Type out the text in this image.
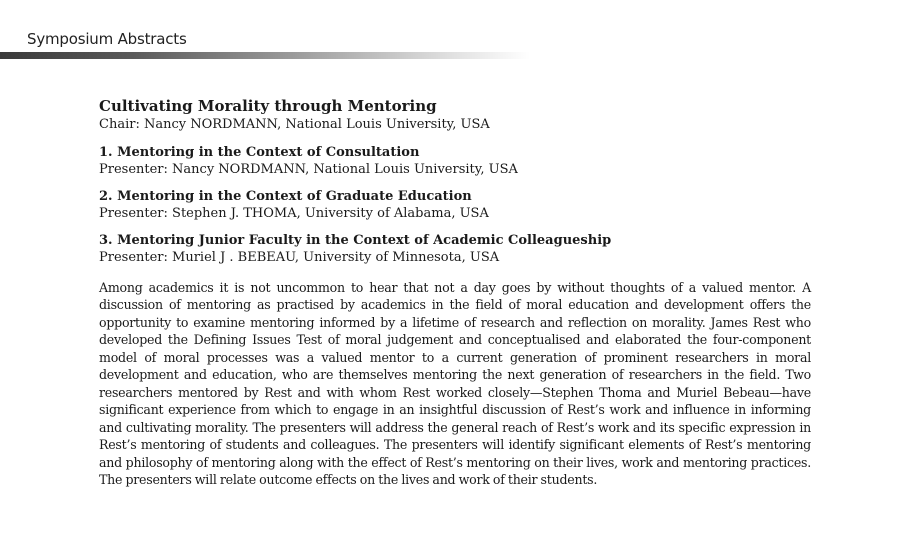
Symposium Abstracts

Cultivating Morality through Mentoring

Chair: Nancy NORDMANN, National Louis University, USA

1. Mentoring in the Context of Consultation
Presenter: Nancy NORDMANN, National Louis University, USA
2. Mentoring in the Context of Graduate Education
Presenter: Stephen J. THOMA, University of Alabama, USA
3. Mentoring Junior Faculty in the Context of Academic Colleagueship
Presenter: Muriel J . BEBEAU, University of Minnesota, USA

Among academics it is not uncommon to hear that not a day goes by without thoughts of a valued mentor. A discussion of mentoring as practised by academics in the field of moral education and development offers the opportunity to examine mentoring informed by a lifetime of research and reflection on morality. James Rest who developed the Defining Issues Test of moral judgement and conceptualised and elaborated the four-component model of moral processes was a valued mentor to a current generation of prominent researchers in moral development and education, who are themselves mentoring the next generation of researchers in the field. Two researchers mentored by Rest and with whom Rest worked closely—Stephen Thoma and Muriel Bebeau—have significant experience from which to engage in an insightful discussion of Rest’s work and influence in informing and cultivating morality. The presenters will address the general reach of Rest’s work and its specific expression in Rest’s mentoring of students and colleagues. The presenters will identify significant elements of Rest’s mentoring and philosophy of mentoring along with the effect of Rest’s mentoring on their lives, work and mentoring practices. The presenters will relate outcome effects on the lives and work of their students.
